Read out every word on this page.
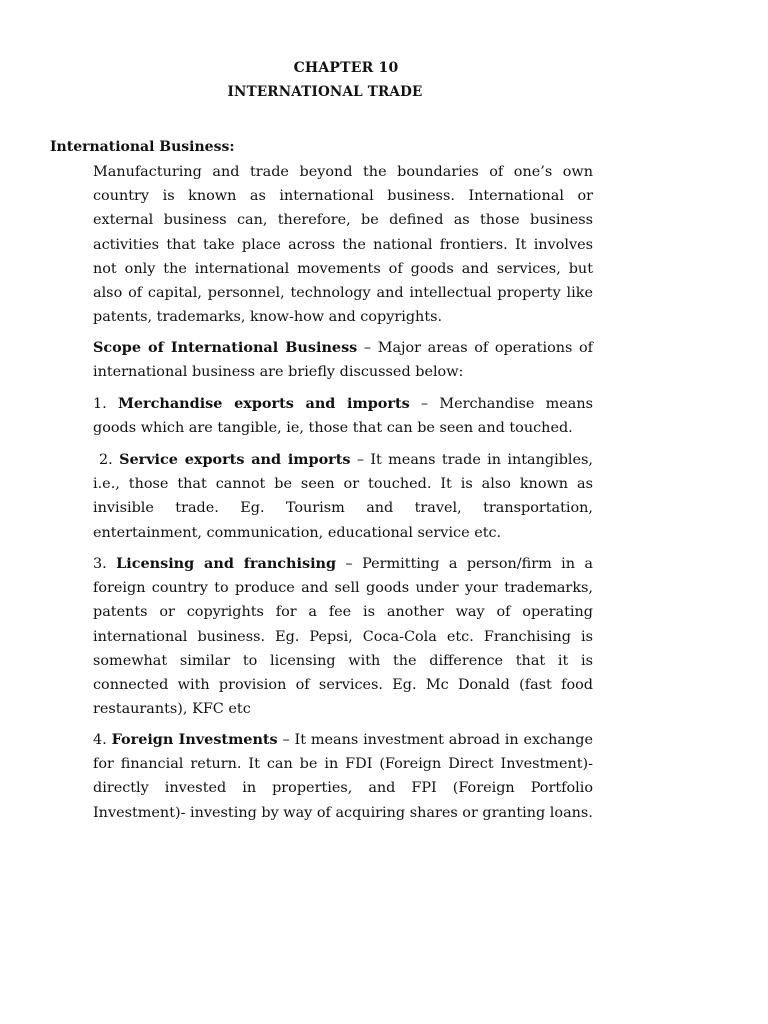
CHAPTER 10
INTERNATIONAL TRADE
International Business:

Manufacturing and trade beyond the boundaries of one’s own country is known as international business. International or external business can, therefore, be defined as those business activities that take place across the national frontiers. It involves not only the international movements of goods and services, but also of capital, personnel, technology and intellectual property like patents, trademarks, know-how and copyrights.

Scope of International Business – Major areas of operations of international business are briefly discussed below:

1. Merchandise exports and imports – Merchandise means goods which are tangible, ie, those that can be seen and touched.

2. Service exports and imports – It means trade in intangibles, i.e., those that cannot be seen or touched. It is also known as invisible trade. Eg. Tourism and travel, transportation, entertainment, communication, educational service etc.

3. Licensing and franchising – Permitting a person/firm in a foreign country to produce and sell goods under your trademarks, patents or copyrights for a fee is another way of operating international business. Eg. Pepsi, Coca-Cola etc. Franchising is somewhat similar to licensing with the difference that it is connected with provision of services. Eg. Mc Donald (fast food restaurants), KFC etc

4. Foreign Investments – It means investment abroad in exchange for financial return. It can be in FDI (Foreign Direct Investment)- directly invested in properties, and FPI (Foreign Portfolio Investment)- investing by way of acquiring shares or granting loans.
